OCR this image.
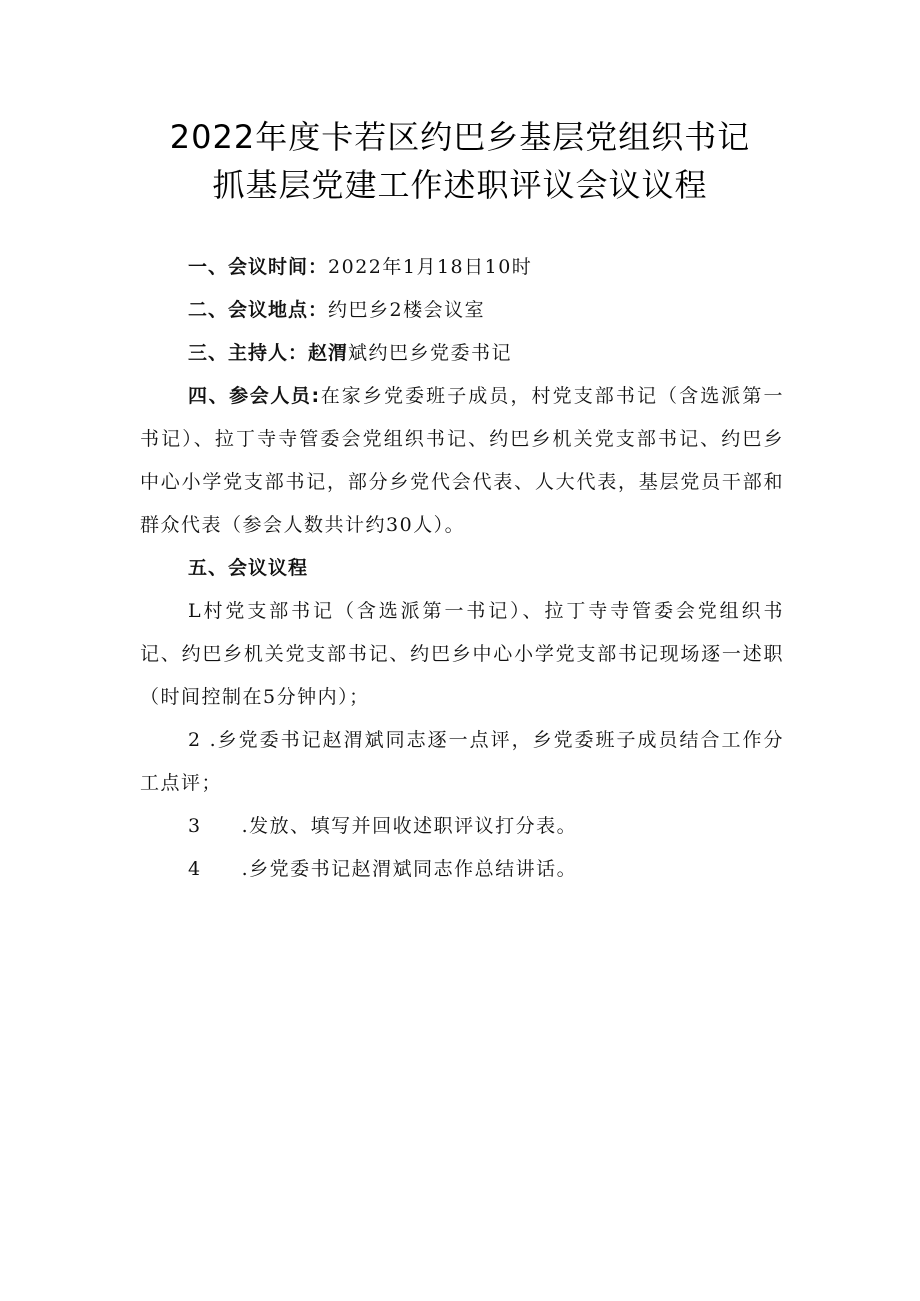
2022年度卡若区约巴乡基层党组织书记
抓基层党建工作述职评议会议议程

一、会议时间：2022年1月18日10时

二、会议地点：约巴乡2楼会议室

三、主持人：赵渭斌约巴乡党委书记

四、参会人员:在家乡党委班子成员，村党支部书记（含选派第一书记）、拉丁寺寺管委会党组织书记、约巴乡机关党支部书记、约巴乡中心小学党支部书记，部分乡党代会代表、人大代表，基层党员干部和群众代表（参会人数共计约30人）。

五、会议议程

L村党支部书记（含选派第一书记）、拉丁寺寺管委会党组织书记、约巴乡机关党支部书记、约巴乡中心小学党支部书记现场逐一述职（时间控制在5分钟内）；

2 .乡党委书记赵渭斌同志逐一点评，乡党委班子成员结合工作分工点评；

3 .发放、填写并回收述职评议打分表。

4 .乡党委书记赵渭斌同志作总结讲话。
